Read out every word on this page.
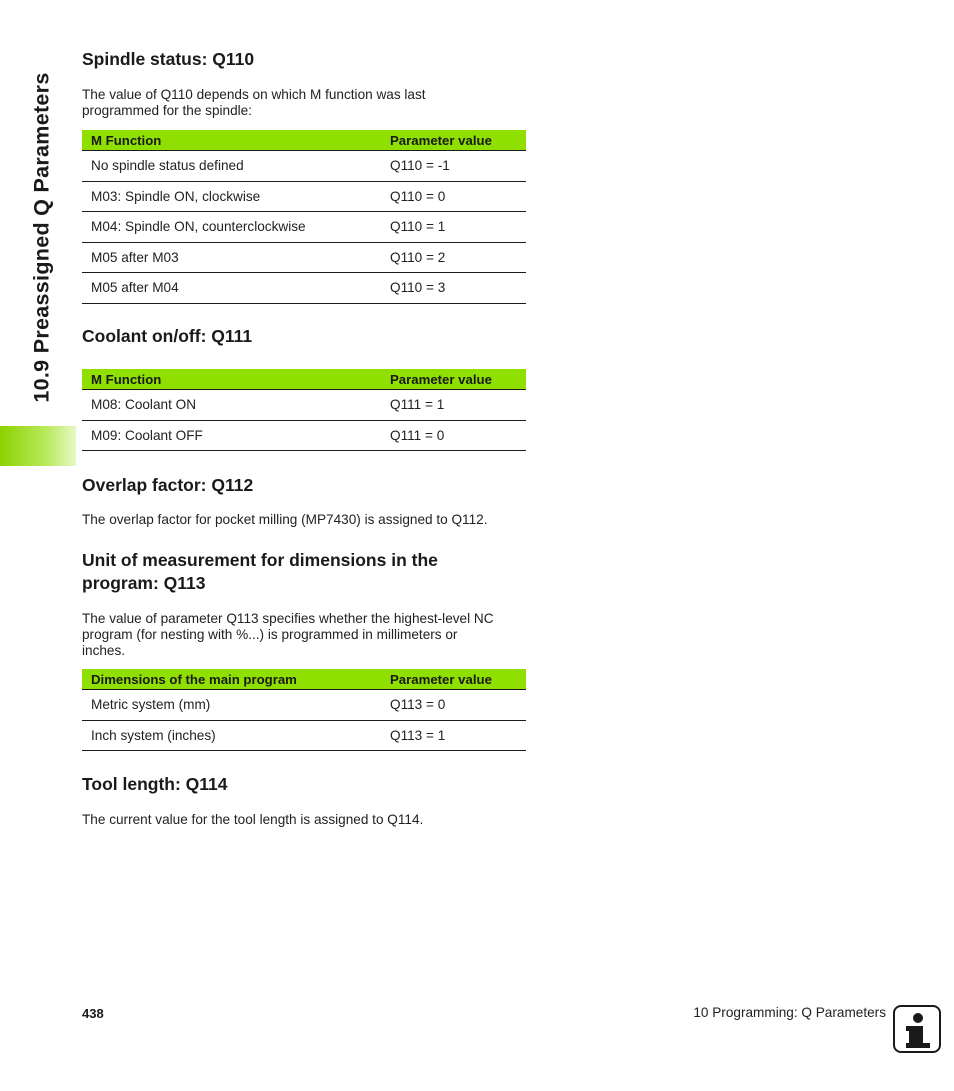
10.9 Preassigned Q Parameters
Spindle status: Q110

The value of Q110 depends on which M function was last programmed for the spindle:

M Function	Parameter value
No spindle status defined	Q110 = -1
M03: Spindle ON, clockwise	Q110 = 0
M04: Spindle ON, counterclockwise	Q110 = 1
M05 after M03	Q110 = 2
M05 after M04	Q110 = 3
Coolant on/off: Q111
M Function	Parameter value
M08: Coolant ON	Q111 = 1
M09: Coolant OFF	Q111 = 0
Overlap factor: Q112

The overlap factor for pocket milling (MP7430) is assigned to Q112.

Unit of measurement for dimensions in the
program: Q113

The value of parameter Q113 specifies whether the highest-level NC

program (for nesting with %...) is programmed in millimeters or

inches.

Dimensions of the main program	Parameter value
Metric system (mm)	Q113 = 0
Inch system (inches)	Q113 = 1
Tool length: Q114

The current value for the tool length is assigned to Q114.

438	10 Programming: Q Parameters
